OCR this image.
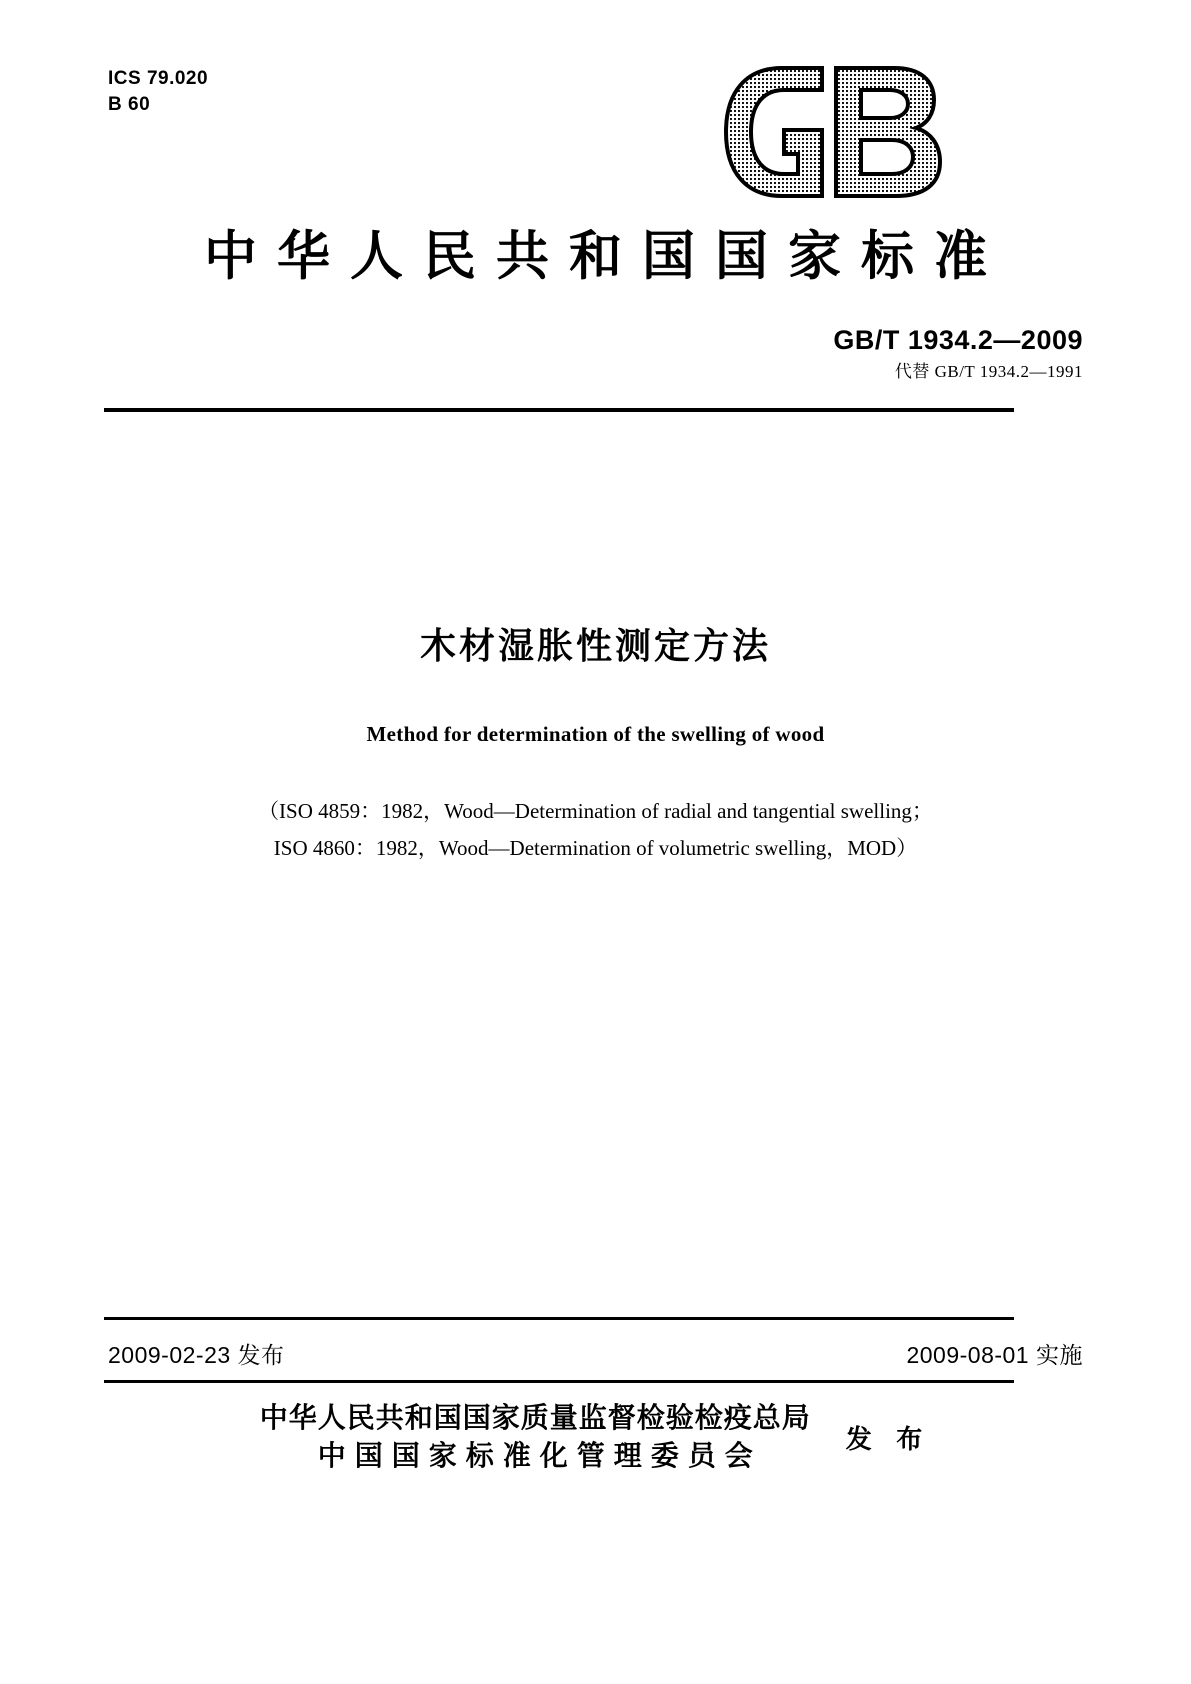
ICS 79.020
B 60
中华人民共和国国家标准
GB/T 1934.2—2009
代替 GB/T 1934.2—1991
木材湿胀性测定方法
Method for determination of the swelling of wood
（ISO 4859：1982，Wood—Determination of radial and tangential swelling；
ISO 4860：1982，Wood—Determination of volumetric swelling，MOD）
2009-02-23 发布	2009-08-01 实施
中华人民共和国国家质量监督检验检疫总局
中国国家标准化管理委员会
发 布
